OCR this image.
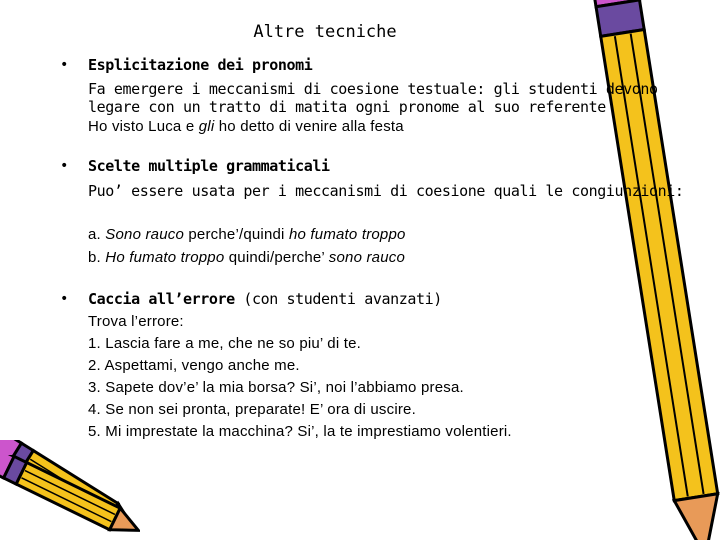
Altre tecniche
• Esplicitazione dei pronomi
Fa emergere i meccanismi di coesione testuale: gli studenti devono
legare con un tratto di matita ogni pronome al suo referente
Ho visto Luca e gli ho detto di venire alla festa
• Scelte multiple grammaticali
Puo’ essere usata per i meccanismi di coesione quali le congiunzioni:
a. Sono rauco perche’/quindi ho fumato troppo
b. Ho fumato troppo quindi/perche’ sono rauco
• Caccia all’errore (con studenti avanzati)
Trova l’errore:
1. Lascia fare a me, che ne so piu’ di te.
2. Aspettami, vengo anche me.
3. Sapete dov’e’ la mia borsa? Si’, noi l’abbiamo presa.
4. Se non sei pronta, preparate! E’ ora di uscire.
5. Mi imprestate la macchina? Si’, la te imprestiamo volentieri.
